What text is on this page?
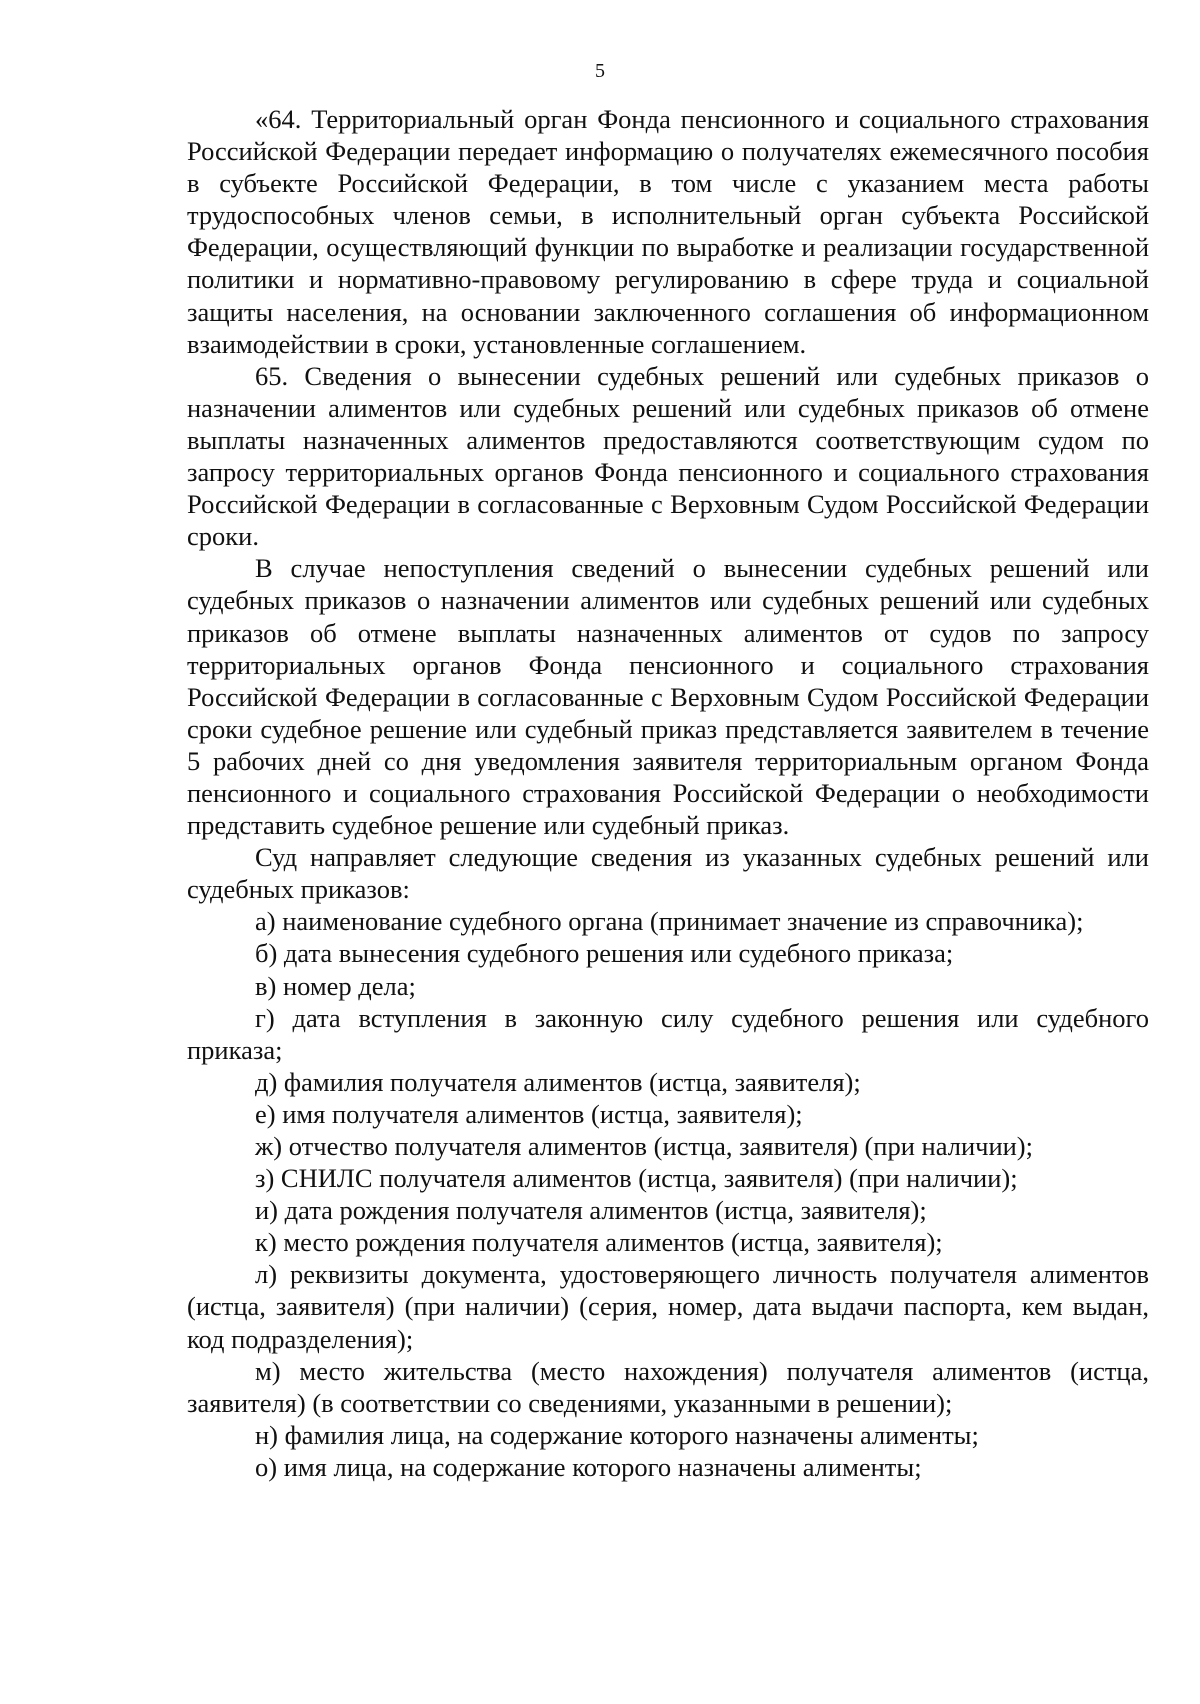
5

«64. Территориальный орган Фонда пенсионного и социального страхования Российской Федерации передает информацию о получателях ежемесячного пособия в субъекте Российской Федерации, в том числе с указанием места работы трудоспособных членов семьи, в исполнительный орган субъекта Российской Федерации, осуществляющий функции по выработке и реализации государственной политики и нормативно-правовому регулированию в сфере труда и социальной защиты населения, на основании заключенного соглашения об информационном взаимодействии в сроки, установленные соглашением.

65. Сведения о вынесении судебных решений или судебных приказов о назначении алиментов или судебных решений или судебных приказов об отмене выплаты назначенных алиментов предоставляются соответствующим судом по запросу территориальных органов Фонда пенсионного и социального страхования Российской Федерации в согласованные с Верховным Судом Российской Федерации сроки.

В случае непоступления сведений о вынесении судебных решений или судебных приказов о назначении алиментов или судебных решений или судебных приказов об отмене выплаты назначенных алиментов от судов по запросу территориальных органов Фонда пенсионного и социального страхования Российской Федерации в согласованные с Верховным Судом Российской Федерации сроки судебное решение или судебный приказ представляется заявителем в течение 5 рабочих дней со дня уведомления заявителя территориальным органом Фонда пенсионного и социального страхования Российской Федерации о необходимости представить судебное решение или судебный приказ.

Суд направляет следующие сведения из указанных судебных решений или судебных приказов:

а) наименование судебного органа (принимает значение из справочника);

б) дата вынесения судебного решения или судебного приказа;

в) номер дела;

г) дата вступления в законную силу судебного решения или судебного приказа;

д) фамилия получателя алиментов (истца, заявителя);

е) имя получателя алиментов (истца, заявителя);

ж) отчество получателя алиментов (истца, заявителя) (при наличии);

з) СНИЛС получателя алиментов (истца, заявителя) (при наличии);

и) дата рождения получателя алиментов (истца, заявителя);

к) место рождения получателя алиментов (истца, заявителя);

л) реквизиты документа, удостоверяющего личность получателя алиментов (истца, заявителя) (при наличии) (серия, номер, дата выдачи паспорта, кем выдан, код подразделения);

м) место жительства (место нахождения) получателя алиментов (истца, заявителя) (в соответствии со сведениями, указанными в решении);

н) фамилия лица, на содержание которого назначены алименты;

о) имя лица, на содержание которого назначены алименты;
